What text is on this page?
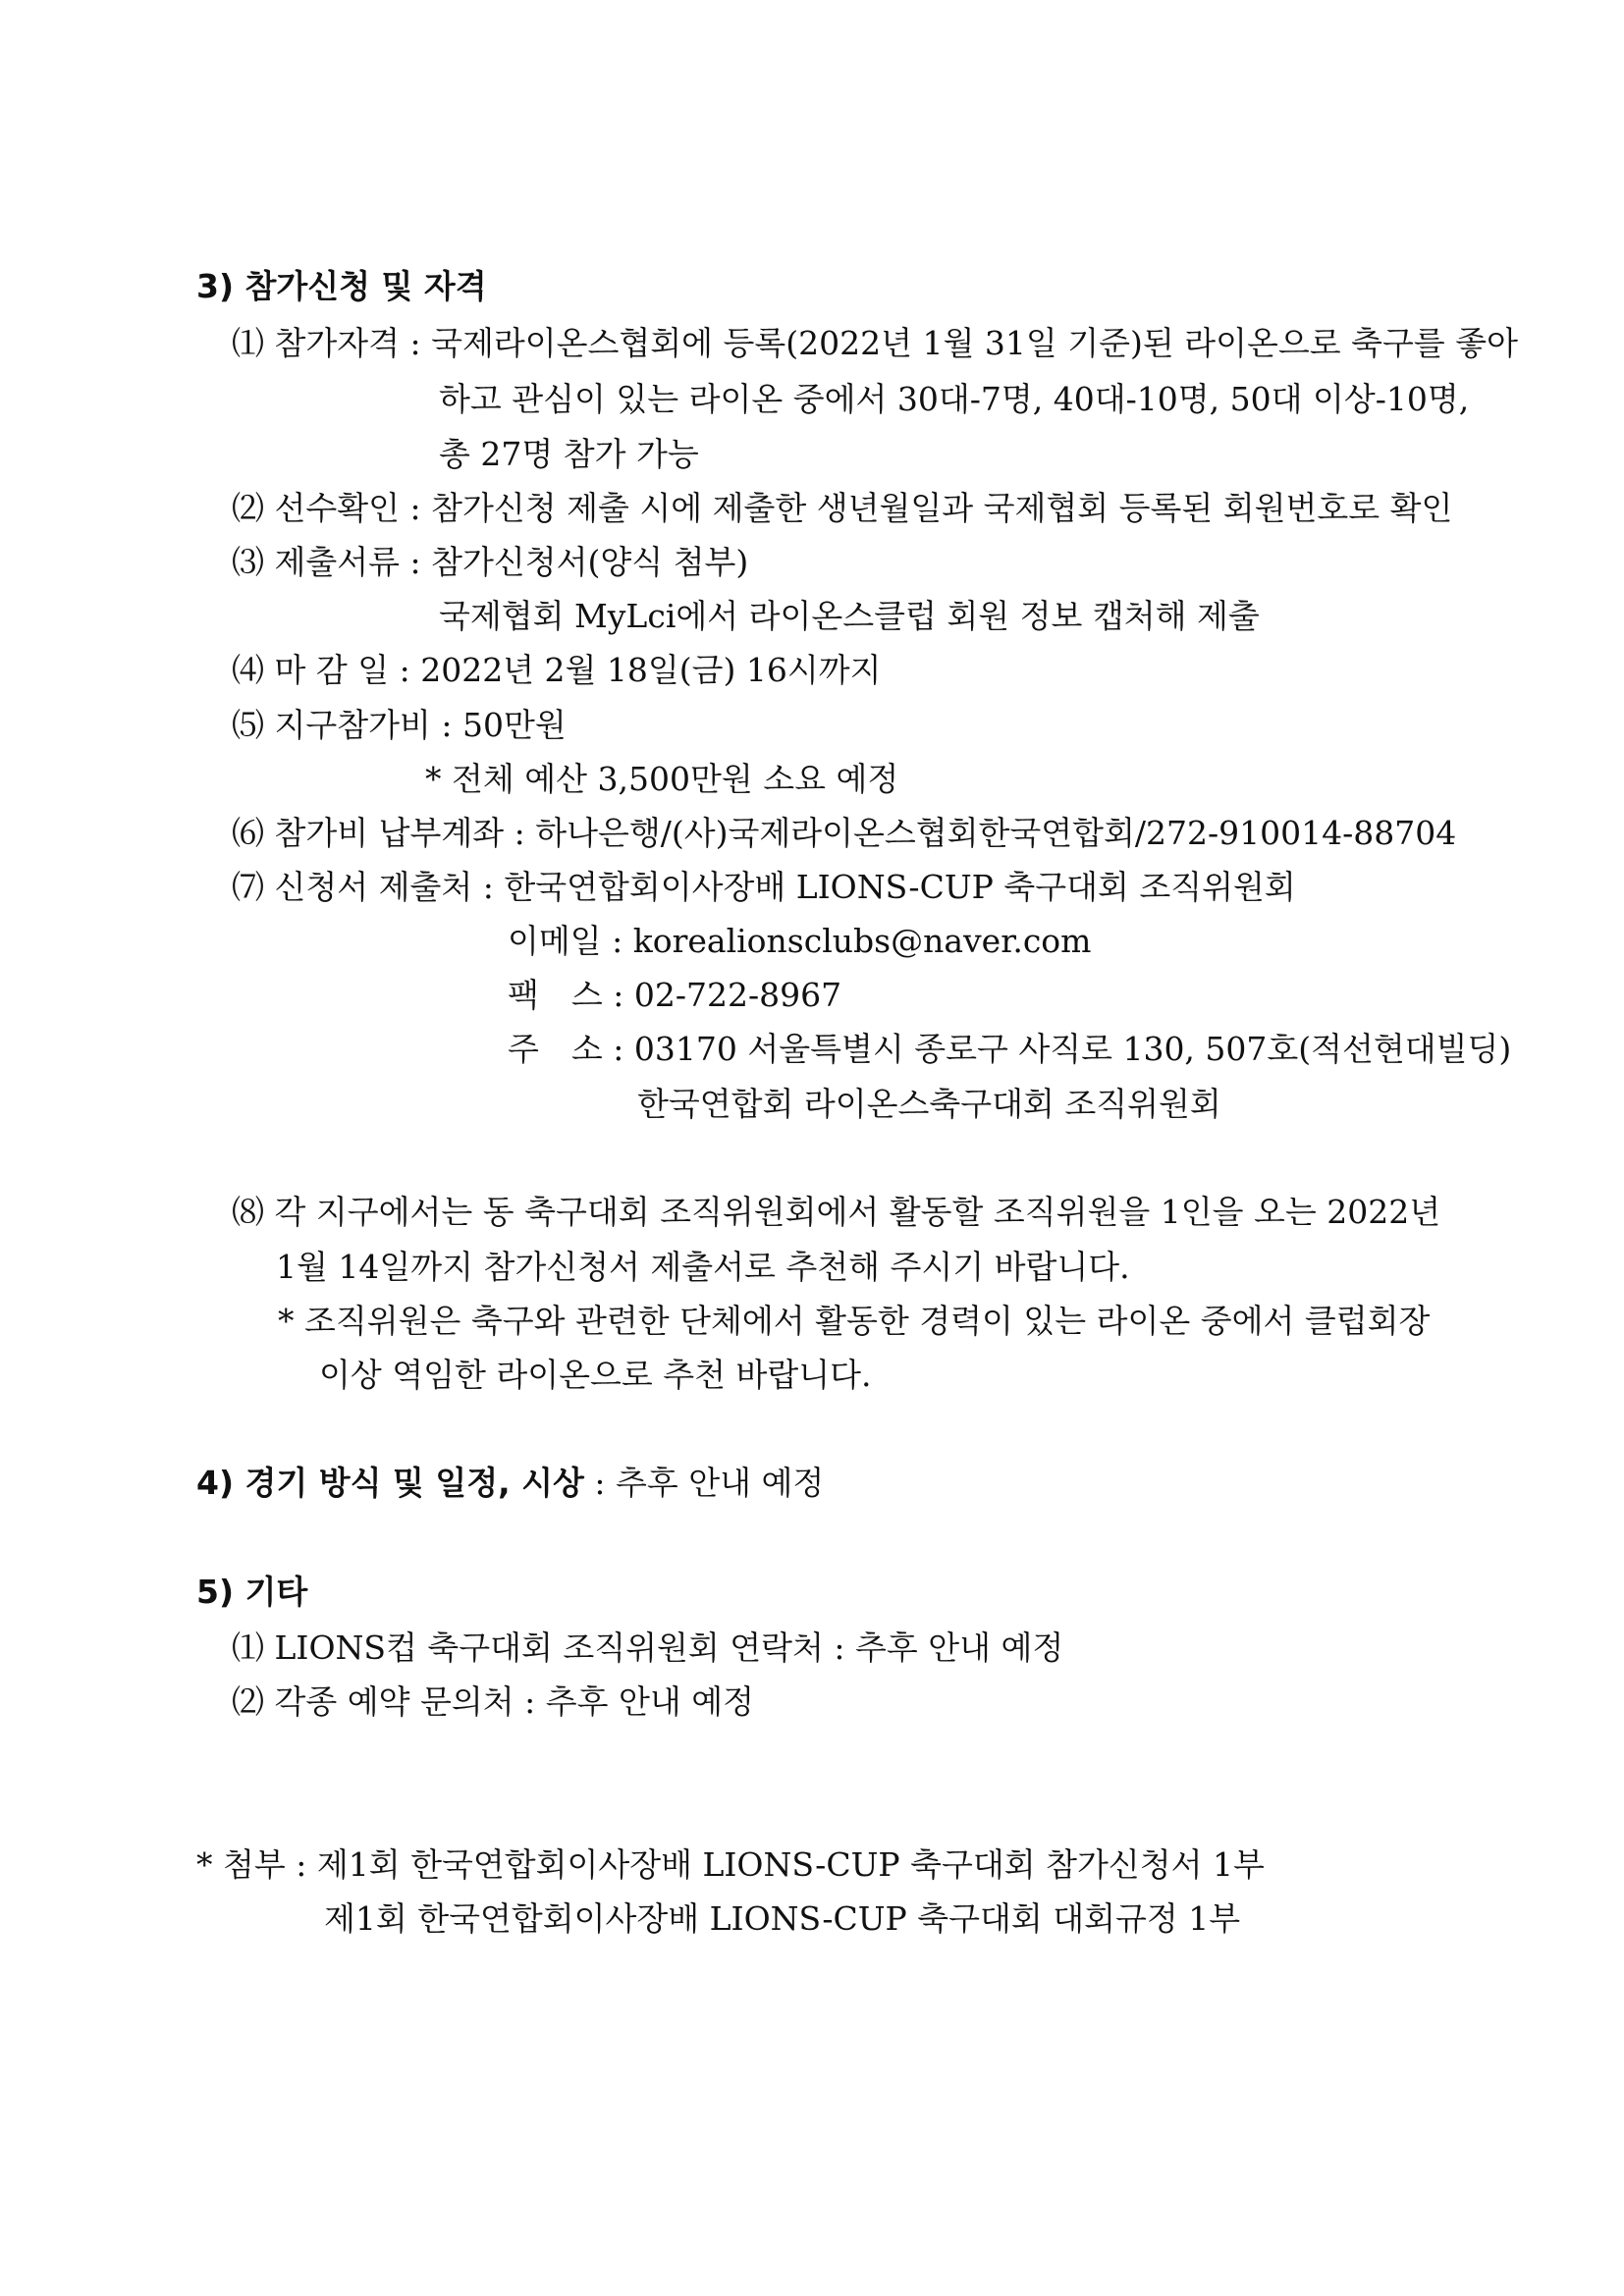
3) 참가신청 및 자격
⑴ 참가자격 : 국제라이온스협회에 등록(2022년 1월 31일 기준)된 라이온으로 축구를 좋아
하고 관심이 있는 라이온 중에서 30대-7명, 40대-10명, 50대 이상-10명,
총 27명 참가 가능
⑵ 선수확인 : 참가신청 제출 시에 제출한 생년월일과 국제협회 등록된 회원번호로 확인
⑶ 제출서류 : 참가신청서(양식 첨부)
국제협회 MyLci에서 라이온스클럽 회원 정보 캡처해 제출
⑷ 마 감 일 : 2022년 2월 18일(금) 16시까지
⑸ 지구참가비 : 50만원
* 전체 예산 3,500만원 소요 예정
⑹ 참가비 납부계좌 : 하나은행/(사)국제라이온스협회한국연합회/272-910014-88704
⑺ 신청서 제출처 : 한국연합회이사장배 LIONS-CUP 축구대회 조직위원회
이메일 : korealionsclubs@naver.com
팩　스 : 02-722-8967
주　소 : 03170 서울특별시 종로구 사직로 130, 507호(적선현대빌딩)
한국연합회 라이온스축구대회 조직위원회
⑻ 각 지구에서는 동 축구대회 조직위원회에서 활동할 조직위원을 1인을 오는 2022년
1월 14일까지 참가신청서 제출서로 추천해 주시기 바랍니다.
* 조직위원은 축구와 관련한 단체에서 활동한 경력이 있는 라이온 중에서 클럽회장
이상 역임한 라이온으로 추천 바랍니다.
4) 경기 방식 및 일정, 시상 : 추후 안내 예정
5) 기타
⑴ LIONS컵 축구대회 조직위원회 연락처 : 추후 안내 예정
⑵ 각종 예약 문의처 : 추후 안내 예정
* 첨부 : 제1회 한국연합회이사장배 LIONS-CUP 축구대회 참가신청서 1부
제1회 한국연합회이사장배 LIONS-CUP 축구대회 대회규정 1부
